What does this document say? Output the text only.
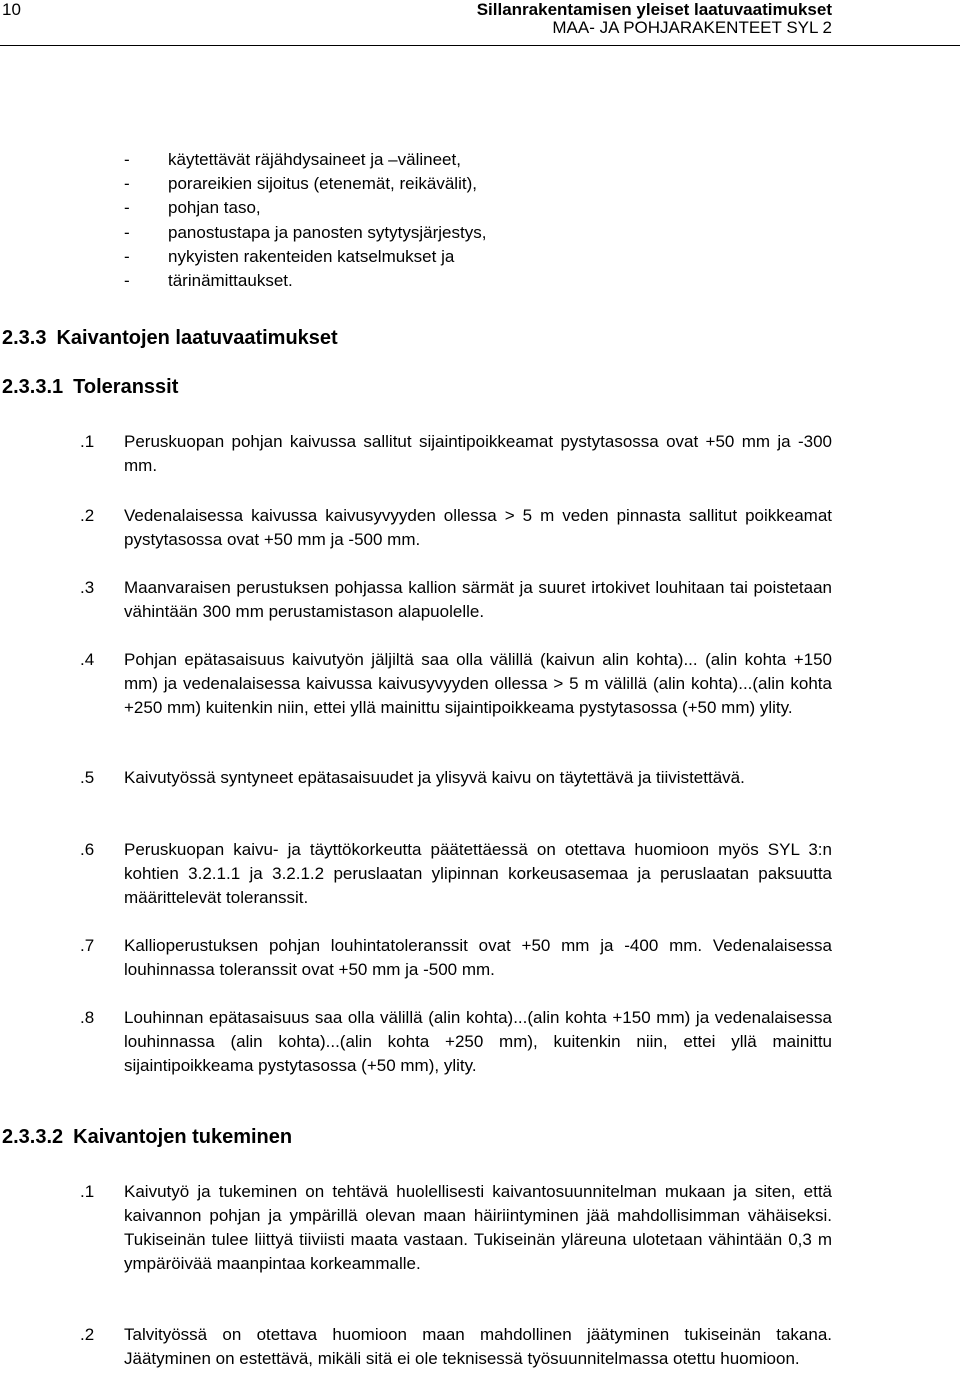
10	Sillanrakentamisen yleiset laatuvaatimukset
MAA- JA POHJARAKENTEET SYL 2
- käytettävät räjähdysaineet ja –välineet,
- porareikien sijoitus (etenemät, reikävälit),
- pohjan taso,
- panostustapa ja panosten sytytysjärjestys,
- nykyisten rakenteiden katselmukset ja
- tärinämittaukset.
2.3.3 Kaivantojen laatuvaatimukset
2.3.3.1 Toleranssit
.1 Peruskuopan pohjan kaivussa sallitut sijaintipoikkeamat pystytasossa ovat +50 mm ja -300 mm.
.2 Vedenalaisessa kaivussa kaivusyvyyden ollessa > 5 m veden pinnasta sallitut poikkeamat pystytasossa ovat +50 mm ja -500 mm.
.3 Maanvaraisen perustuksen pohjassa kallion särmät ja suuret irtokivet louhitaan tai poistetaan vähintään 300 mm perustamistason alapuolelle.
.4 Pohjan epätasaisuus kaivutyön jäljiltä saa olla välillä (kaivun alin kohta)... (alin kohta +150 mm) ja vedenalaisessa kaivussa kaivusyvyyden ollessa > 5 m välillä (alin kohta)...(alin kohta +250 mm) kuitenkin niin, ettei yllä mainittu sijaintipoikkeama pystytasossa (+50 mm) ylity.
.5 Kaivutyössä syntyneet epätasaisuudet ja ylisyvä kaivu on täytettävä ja tiivistettävä.
.6 Peruskuopan kaivu- ja täyttökorkeutta päätettäessä on otettava huomioon myös SYL 3:n kohtien 3.2.1.1 ja 3.2.1.2 peruslaatan ylipinnan korkeusasemaa ja peruslaatan paksuutta määrittelevät toleranssit.
.7 Kallioperustuksen pohjan louhintatoleranssit ovat +50 mm ja -400 mm. Vedenalaisessa louhinnassa toleranssit ovat +50 mm ja -500 mm.
.8 Louhinnan epätasaisuus saa olla välillä (alin kohta)...(alin kohta +150 mm) ja vedenalaisessa louhinnassa (alin kohta)...(alin kohta +250 mm), kuitenkin niin, ettei yllä mainittu sijaintipoikkeama pystytasossa (+50 mm), ylity.
2.3.3.2 Kaivantojen tukeminen
.1 Kaivutyö ja tukeminen on tehtävä huolellisesti kaivantosuunnitelman mukaan ja siten, että kaivannon pohjan ja ympärillä olevan maan häiriintyminen jää mahdollisimman vähäiseksi. Tukiseinän tulee liittyä tiiviisti maata vastaan. Tukiseinän yläreuna ulotetaan vähintään 0,3 m ympäröivää maanpintaa korkeammalle.
.2 Talvityössä on otettava huomioon maan mahdollinen jäätyminen tukiseinän takana. Jäätyminen on estettävä, mikäli sitä ei ole teknisessä työsuunnitelmassa otettu huomioon.
